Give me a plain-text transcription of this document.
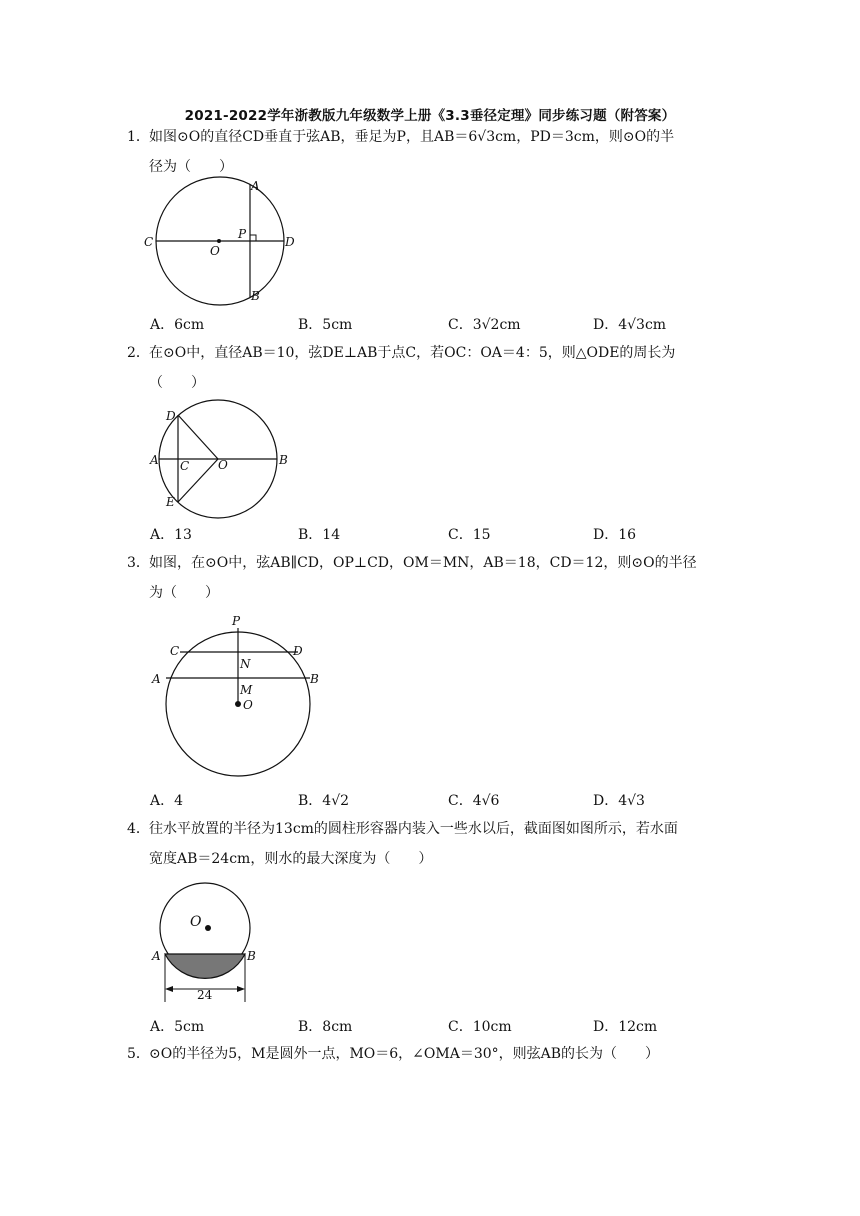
2021-2022学年浙教版九年级数学上册《3.3垂径定理》同步练习题（附答案）
1．如图⊙O的直径CD垂直于弦AB，垂足为P，且AB＝6√3cm，PD＝3cm，则⊙O的半
径为（　　）
A
B
C	D
O
P
A．6cm	B．5cm	C．3√2cm	D．4√3cm
2．在⊙O中，直径AB＝10，弦DE⊥AB于点C，若OC：OA＝4：5，则△ODE的周长为
（　　）
D
E
A	B
C O
A．13	B．14	C．15	D．16
3．如图，在⊙O中，弦AB∥CD，OP⊥CD，OM＝MN，AB＝18，CD＝12，则⊙O的半径
为（　　）
P
C	D
N
A	B
M
O
A．4	B．4√2	C．4√6	D．4√3
4．往水平放置的半径为13cm的圆柱形容器内装入一些水以后，截面图如图所示，若水面
宽度AB＝24cm，则水的最大深度为（　　）
O
A	B
24
A．5cm	B．8cm	C．10cm	D．12cm
5．⊙O的半径为5，M是圆外一点，MO＝6，∠OMA＝30°，则弦AB的长为（　　）
